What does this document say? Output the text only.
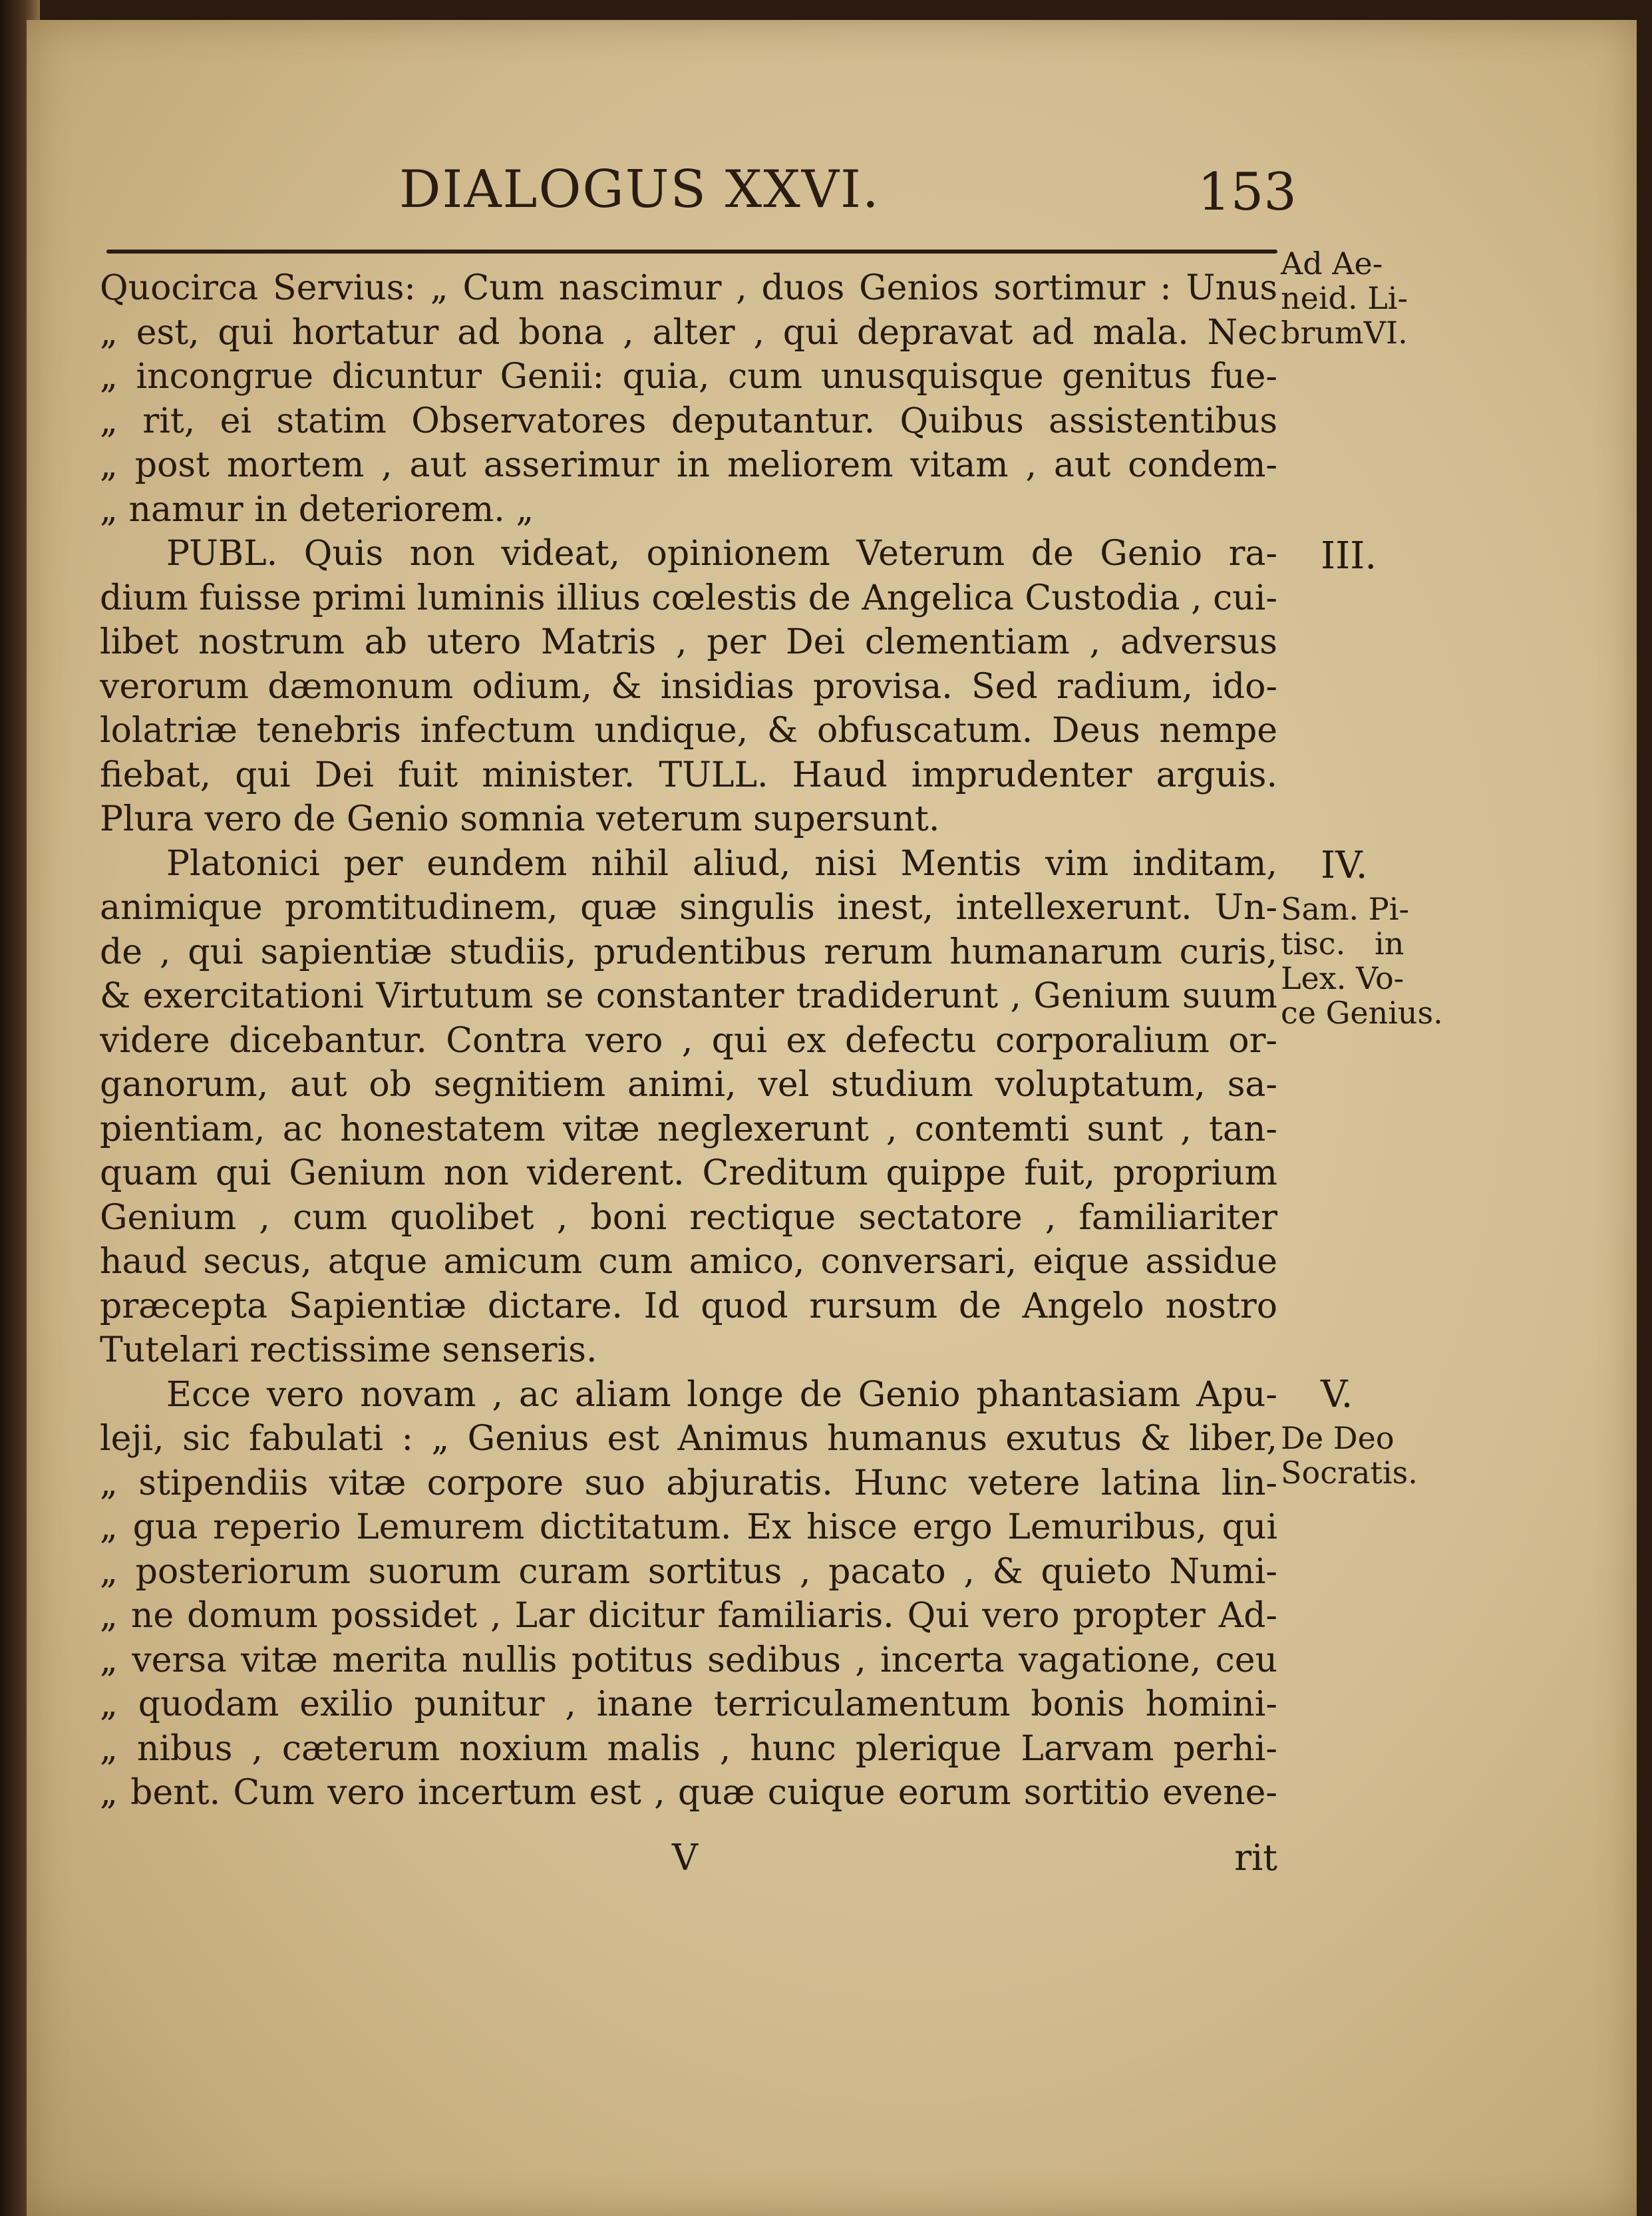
DIALOGUS XXVI.	153
Ad Ae-
neid. Li-
brumVI.
III.
IV.
Sam. Pi-
tisc.   in
Lex. Vo-
ce Genius.
V.
De Deo
Socratis.
Quocirca Servius: „ Cum nascimur , duos Genios sortimur : Unus
„ est, qui hortatur ad bona , alter , qui depravat ad mala. Nec
„ incongrue dicuntur Genii: quia, cum unusquisque genitus fue-
„ rit, ei statim Observatores deputantur. Quibus assistentibus
„ post mortem , aut asserimur in meliorem vitam , aut condem-
„ namur in deteriorem. „
PUBL. Quis non videat, opinionem Veterum de Genio ra-
dium fuisse primi luminis illius cœlestis de Angelica Custodia , cui-
libet nostrum ab utero Matris , per Dei clementiam , adversus
verorum dæmonum odium, & insidias provisa. Sed radium, ido-
lolatriæ tenebris infectum undique, & obfuscatum. Deus nempe
fiebat, qui Dei fuit minister. TULL. Haud imprudenter arguis.
Plura vero de Genio somnia veterum supersunt.
Platonici per eundem nihil aliud, nisi Mentis vim inditam,
animique promtitudinem, quæ singulis inest, intellexerunt. Un-
de , qui sapientiæ studiis, prudentibus rerum humanarum curis,
& exercitationi Virtutum se constanter tradiderunt , Genium suum
videre dicebantur. Contra vero , qui ex defectu corporalium or-
ganorum, aut ob segnitiem animi, vel studium voluptatum, sa-
pientiam, ac honestatem vitæ neglexerunt , contemti sunt , tan-
quam qui Genium non viderent. Creditum quippe fuit, proprium
Genium , cum quolibet , boni rectique sectatore , familiariter
haud secus, atque amicum cum amico, conversari, eique assidue
præcepta Sapientiæ dictare. Id quod rursum de Angelo nostro
Tutelari rectissime senseris.
Ecce vero novam , ac aliam longe de Genio phantasiam Apu-
leji, sic fabulati : „ Genius est Animus humanus exutus & liber,
„ stipendiis vitæ corpore suo abjuratis. Hunc vetere latina lin-
„ gua reperio Lemurem dictitatum. Ex hisce ergo Lemuribus, qui
„ posteriorum suorum curam sortitus , pacato , & quieto Numi-
„ ne domum possidet , Lar dicitur familiaris. Qui vero propter Ad-
„ versa vitæ merita nullis potitus sedibus , incerta vagatione, ceu
„ quodam exilio punitur , inane terriculamentum bonis homini-
„ nibus , cæterum noxium malis , hunc plerique Larvam perhi-
„ bent. Cum vero incertum est , quæ cuique eorum sortitio evene-
V	rit
